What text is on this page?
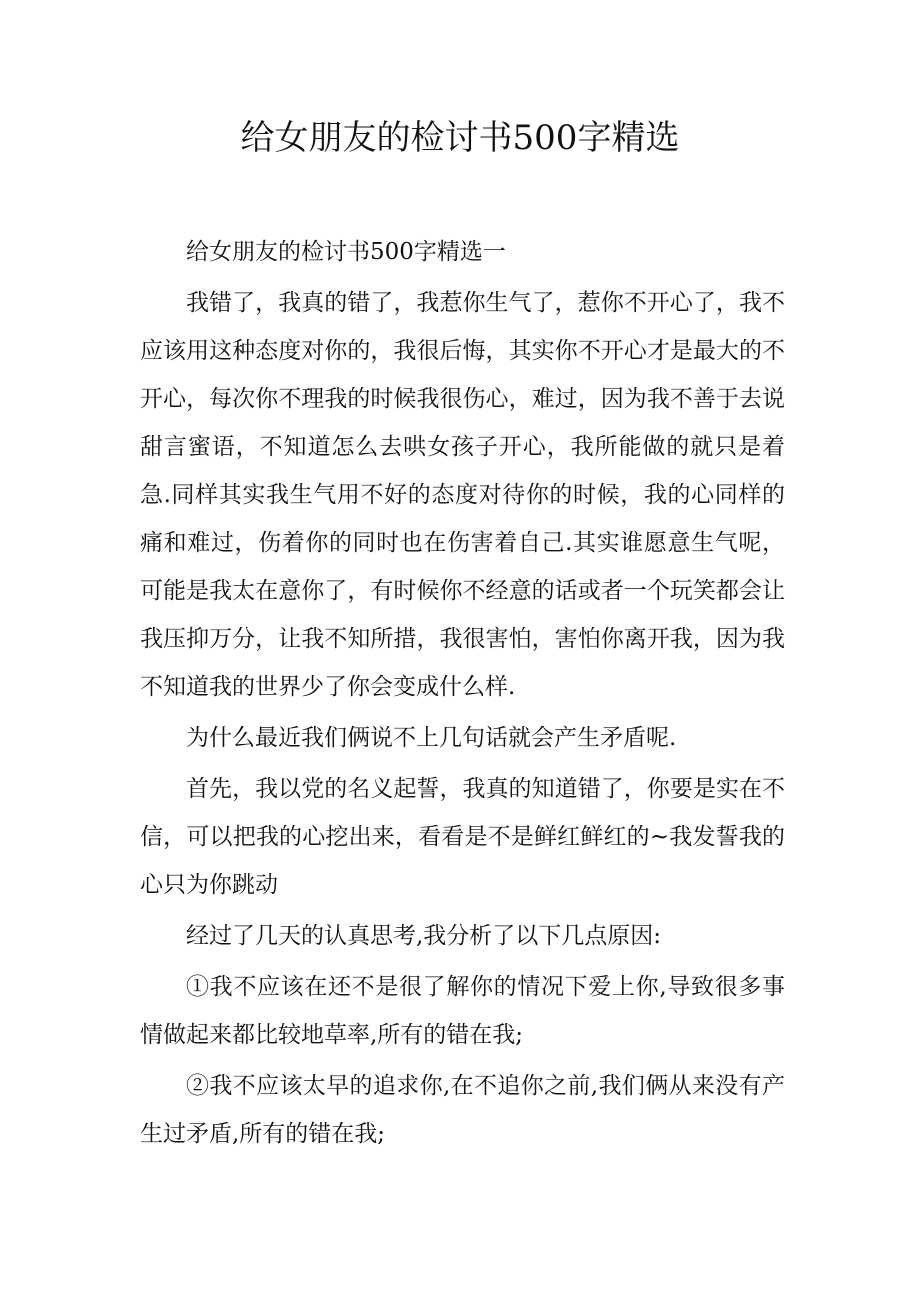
给女朋友的检讨书500字精选

给女朋友的检讨书500字精选一

我错了，我真的错了，我惹你生气了，惹你不开心了，我不应该用这种态度对你的，我很后悔，其实你不开心才是最大的不开心，每次你不理我的时候我很伤心，难过，因为我不善于去说甜言蜜语，不知道怎么去哄女孩子开心，我所能做的就只是着急.同样其实我生气用不好的态度对待你的时候，我的心同样的痛和难过，伤着你的同时也在伤害着自己.其实谁愿意生气呢，可能是我太在意你了，有时候你不经意的话或者一个玩笑都会让我压抑万分，让我不知所措，我很害怕，害怕你离开我，因为我不知道我的世界少了你会变成什么样.

为什么最近我们俩说不上几句话就会产生矛盾呢.

首先，我以党的名义起誓，我真的知道错了，你要是实在不信，可以把我的心挖出来，看看是不是鲜红鲜红的~我发誓我的心只为你跳动

经过了几天的认真思考,我分析了以下几点原因:

①我不应该在还不是很了解你的情况下爱上你,导致很多事情做起来都比较地草率,所有的错在我;

②我不应该太早的追求你,在不追你之前,我们俩从来没有产生过矛盾,所有的错在我;
